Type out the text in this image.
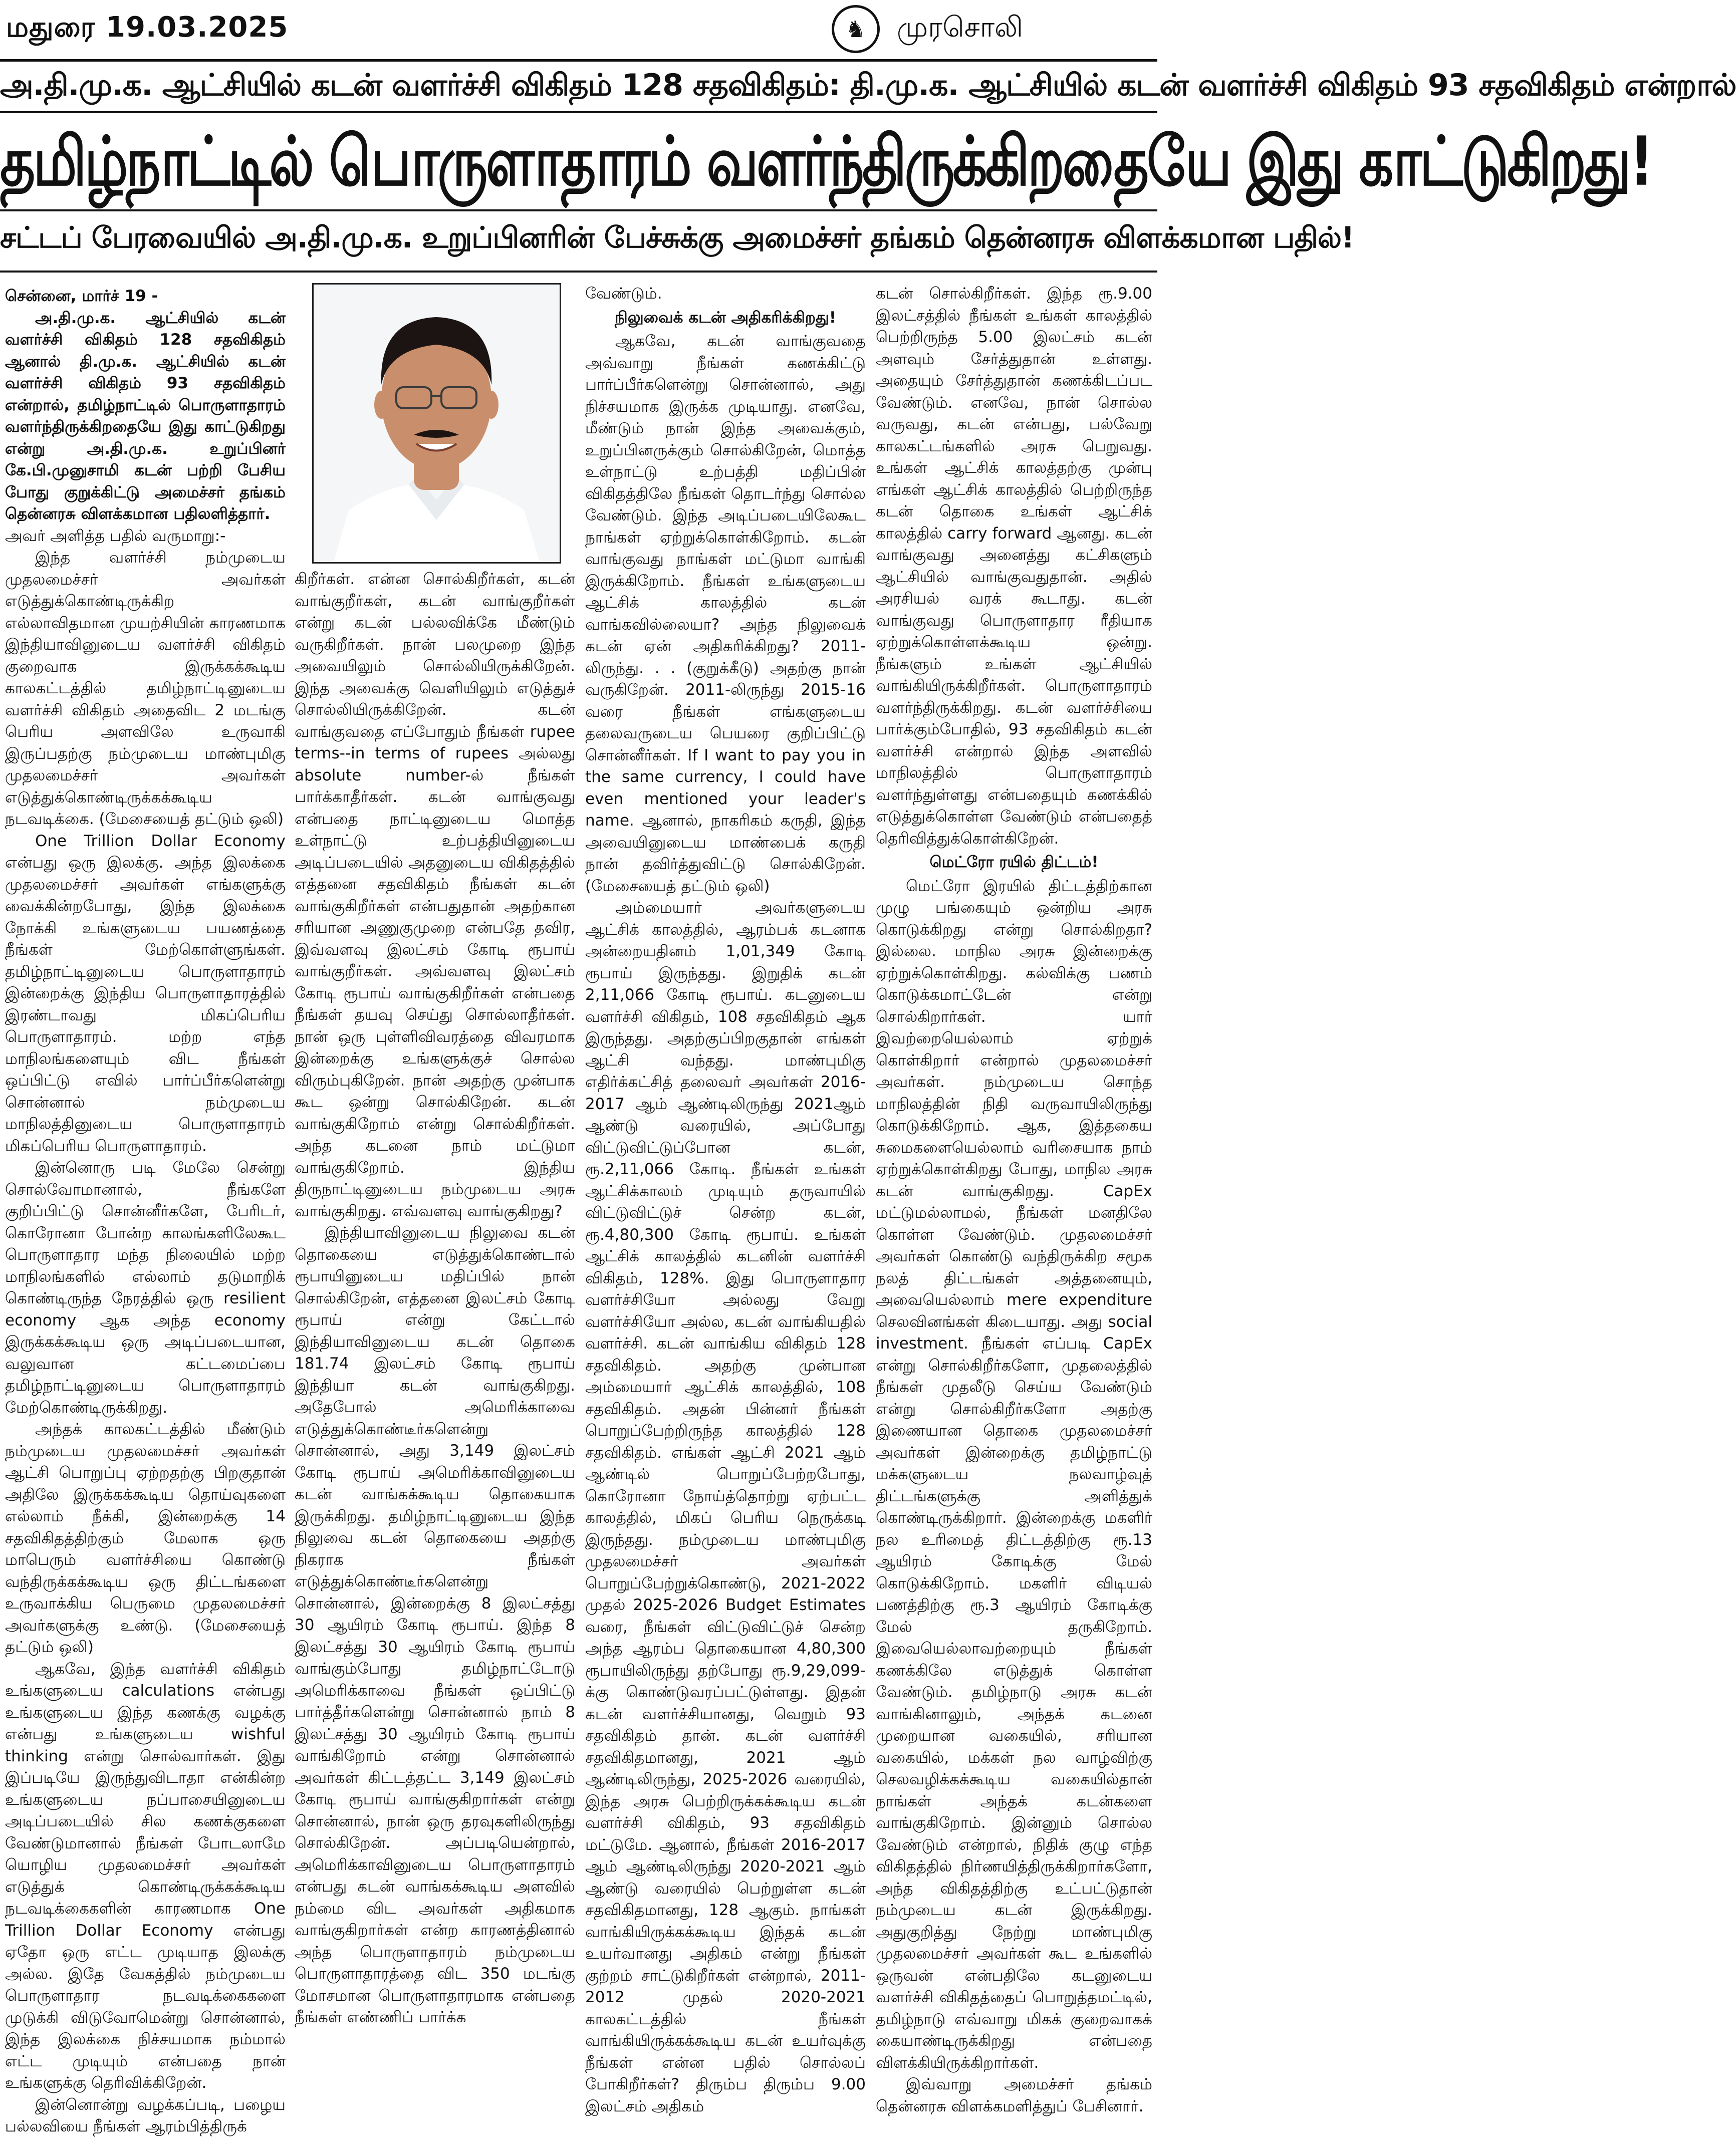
மதுரை 19.03.2025	♞ முரசொலி
அ.தி.மு.க. ஆட்சியில் கடன் வளர்ச்சி விகிதம் 128 சதவிகிதம்: தி.மு.க. ஆட்சியில் கடன் வளர்ச்சி விகிதம் 93 சதவிகிதம் என்றால்
தமிழ்நாட்டில் பொருளாதாரம் வளர்ந்திருக்கிறதையே இது காட்டுகிறது!
சட்டப் பேரவையில் அ.தி.மு.க. உறுப்பினரின் பேச்சுக்கு அமைச்சர் தங்கம் தென்னரசு விளக்கமான பதில்!

சென்னை, மார்ச் 19 -

அ.தி.மு.க. ஆட்சியில் கடன் வளர்ச்சி விகிதம் 128 சதவிகிதம் ஆனால் தி.மு.க. ஆட்சியில் கடன் வளர்ச்சி விகிதம் 93 சதவிகிதம் என்றால், தமிழ்நாட்டில் பொருளாதாரம் வளர்ந்திருக்கிறதையே இது காட்டுகிறது என்று அ.தி.மு.க. உறுப்பினர் கே.பி.முனுசாமி கடன் பற்றி பேசிய போது குறுக்கிட்டு அமைச்சர் தங்கம் தென்னரசு விளக்கமான பதிலளித்தார்.

அவர் அளித்த பதில் வருமாறு:-

இந்த வளர்ச்சி நம்முடைய முதலமைச்சர் அவர்கள் எடுத்துக்கொண்டிருக்கிற எல்லாவிதமான முயற்சியின் காரணமாக இந்தியாவினுடைய வளர்ச்சி விகிதம் குறைவாக இருக்கக்கூடிய காலகட்டத்தில் தமிழ்நாட்டினுடைய வளர்ச்சி விகிதம் அதைவிட 2 மடங்கு பெரிய அளவிலே உருவாகி இருப்பதற்கு நம்முடைய மாண்புமிகு முதலமைச்சர் அவர்கள் எடுத்துக்கொண்டிருக்கக்கூடிய நடவடிக்கை. (மேசையைத் தட்டும் ஒலி)

One Trillion Dollar Economy என்பது ஒரு இலக்கு. அந்த இலக்கை முதலமைச்சர் அவர்கள் எங்களுக்கு வைக்கின்றபோது, இந்த இலக்கை நோக்கி உங்களுடைய பயணத்தை நீங்கள் மேற்கொள்ளுங்கள். தமிழ்நாட்டினுடைய பொருளாதாரம் இன்றைக்கு இந்திய பொருளாதாரத்தில் இரண்டாவது மிகப்பெரிய பொருளாதாரம். மற்ற எந்த மாநிலங்களையும் விட நீங்கள் ஒப்பிட்டு எவில் பார்ப்பீர்களென்று சொன்னால் நம்முடைய மாநிலத்தினுடைய பொருளாதாரம் மிகப்பெரிய பொருளாதாரம்.

இன்னொரு படி மேலே சென்று சொல்வோமானால், நீங்களே குறிப்பிட்டு சொன்னீர்களே, பேரிடர், கொரோனா போன்ற காலங்களிலேகூட பொருளாதார மந்த நிலையில் மற்ற மாநிலங்களில் எல்லாம் தடுமாறிக் கொண்டிருந்த நேரத்தில் ஒரு resilient economy ஆக அந்த economy இருக்கக்கூடிய ஒரு அடிப்படையான, வலுவான கட்டமைப்பை தமிழ்நாட்டினுடைய பொருளாதாரம் மேற்கொண்டிருக்கிறது.

அந்தக் காலகட்டத்தில் மீண்டும் நம்முடைய முதலமைச்சர் அவர்கள் ஆட்சி பொறுப்பு ஏற்றதற்கு பிறகுதான் அதிலே இருக்கக்கூடிய தொய்வுகளை எல்லாம் நீக்கி, இன்றைக்கு 14 சதவிகிதத்திற்கும் மேலாக ஒரு மாபெரும் வளர்ச்சியை கொண்டு வந்திருக்கக்கூடிய ஒரு திட்டங்களை உருவாக்கிய பெருமை முதலமைச்சர் அவர்களுக்கு உண்டு. (மேசையைத் தட்டும் ஒலி)

ஆகவே, இந்த வளர்ச்சி விகிதம் உங்களுடைய calculations என்பது உங்களுடைய இந்த கணக்கு வழக்கு என்பது உங்களுடைய wishful thinking என்று சொல்வார்கள். இது இப்படியே இருந்துவிடாதா என்கின்ற உங்களுடைய நப்பாசையினுடைய அடிப்படையில் சில கணக்குகளை வேண்டுமானால் நீங்கள் போடலாமே யொழிய முதலமைச்சர் அவர்கள் எடுத்துக் கொண்டிருக்கக்கூடிய நடவடிக்கைகளின் காரணமாக One Trillion Dollar Economy என்பது ஏதோ ஒரு எட்ட முடியாத இலக்கு அல்ல. இதே வேகத்தில் நம்முடைய பொருளாதார நடவடிக்கைகளை முடுக்கி விடுவோமென்று சொன்னால், இந்த இலக்கை நிச்சயமாக நம்மால் எட்ட முடியும் என்பதை நான் உங்களுக்கு தெரிவிக்கிறேன்.

இன்னொன்று வழக்கப்படி, பழைய பல்லவியை நீங்கள் ஆரம்பித்திருக்

கிறீர்கள். என்ன சொல்கிறீர்கள், கடன் வாங்குறீர்கள், கடன் வாங்குறீர்கள் என்று கடன் பல்லவிக்கே மீண்டும் வருகிறீர்கள். நான் பலமுறை இந்த அவையிலும் சொல்லியிருக்கிறேன். இந்த அவைக்கு வெளியிலும் எடுத்துச் சொல்லியிருக்கிறேன். கடன் வாங்குவதை எப்போதும் நீங்கள் rupee terms--in terms of rupees அல்லது absolute number-ல் நீங்கள் பார்க்காதீர்கள். கடன் வாங்குவது என்பதை நாட்டினுடைய மொத்த உள்நாட்டு உற்பத்தியினுடைய அடிப்படையில் அதனுடைய விகிதத்தில் எத்தனை சதவிகிதம் நீங்கள் கடன் வாங்குகிறீர்கள் என்பதுதான் அதற்கான சரியான அணுகுமுறை என்பதே தவிர, இவ்வளவு இலட்சம் கோடி ரூபாய் வாங்குறீர்கள். அவ்வளவு இலட்சம் கோடி ரூபாய் வாங்குகிறீர்கள் என்பதை நீங்கள் தயவு செய்து சொல்லாதீர்கள். நான் ஒரு புள்ளிவிவரத்தை விவரமாக இன்றைக்கு உங்களுக்குச் சொல்ல விரும்புகிறேன். நான் அதற்கு முன்பாக கூட ஒன்று சொல்கிறேன். கடன் வாங்குகிறோம் என்று சொல்கிறீர்கள். அந்த கடனை நாம் மட்டுமா வாங்குகிறோம். இந்திய திருநாட்டினுடைய நம்முடைய அரசு வாங்குகிறது. எவ்வளவு வாங்குகிறது?

இந்தியாவினுடைய நிலுவை கடன் தொகையை எடுத்துக்கொண்டால் ரூபாயினுடைய மதிப்பில் நான் சொல்கிறேன், எத்தனை இலட்சம் கோடி ரூபாய் என்று கேட்டால் இந்தியாவினுடைய கடன் தொகை 181.74 இலட்சம் கோடி ரூபாய் இந்தியா கடன் வாங்குகிறது. அதேபோல் அமெரிக்காவை எடுத்துக்கொண்டீர்களென்று சொன்னால், அது 3,149 இலட்சம் கோடி ரூபாய் அமெரிக்காவினுடைய கடன் வாங்கக்கூடிய தொகையாக இருக்கிறது. தமிழ்நாட்டினுடைய இந்த நிலுவை கடன் தொகையை அதற்கு நிகராக நீங்கள் எடுத்துக்கொண்டீர்களென்று சொன்னால், இன்றைக்கு 8 இலட்சத்து 30 ஆயிரம் கோடி ரூபாய். இந்த 8 இலட்சத்து 30 ஆயிரம் கோடி ரூபாய் வாங்கும்போது தமிழ்நாட்டோடு அமெரிக்காவை நீங்கள் ஒப்பிட்டு பார்த்தீர்களென்று சொன்னால் நாம் 8 இலட்சத்து 30 ஆயிரம் கோடி ரூபாய் வாங்கிறோம் என்று சொன்னால் அவர்கள் கிட்டத்தட்ட 3,149 இலட்சம் கோடி ரூபாய் வாங்குகிறார்கள் என்று சொன்னால், நான் ஒரு தரவுகளிலிருந்து சொல்கிறேன். அப்படியென்றால், அமெரிக்காவினுடைய பொருளாதாரம் என்பது கடன் வாங்கக்கூடிய அளவில் நம்மை விட அவர்கள் அதிகமாக வாங்குகிறார்கள் என்ற காரணத்தினால் அந்த பொருளாதாரம் நம்முடைய பொருளாதாரத்தை விட 350 மடங்கு மோசமான பொருளாதாரமாக என்பதை நீங்கள் எண்ணிப் பார்க்க

வேண்டும்.

நிலுவைக் கடன் அதிகரிக்கிறது!

ஆகவே, கடன் வாங்குவதை அவ்வாறு நீங்கள் கணக்கிட்டு பார்ப்பீர்களென்று சொன்னால், அது நிச்சயமாக இருக்க முடியாது. எனவே, மீண்டும் நான் இந்த அவைக்கும், உறுப்பினருக்கும் சொல்கிறேன், மொத்த உள்நாட்டு உற்பத்தி மதிப்பின் விகிதத்திலே நீங்கள் தொடர்ந்து சொல்ல வேண்டும். இந்த அடிப்படையிலேகூட நாங்கள் ஏற்றுக்கொள்கிறோம். கடன் வாங்குவது நாங்கள் மட்டுமா வாங்கி இருக்கிறோம். நீங்கள் உங்களுடைய ஆட்சிக் காலத்தில் கடன் வாங்கவில்லையா? அந்த நிலுவைக் கடன் ஏன் அதிகரிக்கிறது? 2011-லிருந்து. . . (குறுக்கீடு) அதற்கு நான் வருகிறேன். 2011-லிருந்து 2015-16 வரை நீங்கள் எங்களுடைய தலைவருடைய பெயரை குறிப்பிட்டு சொன்னீர்கள். If I want to pay you in the same currency, I could have even mentioned your leader's name. ஆனால், நாகரிகம் கருதி, இந்த அவையினுடைய மாண்பைக் கருதி நான் தவிர்த்துவிட்டு சொல்கிறேன். (மேசையைத் தட்டும் ஒலி)

அம்மையார் அவர்களுடைய ஆட்சிக் காலத்தில், ஆரம்பக் கடனாக அன்றையதினம் 1,01,349 கோடி ரூபாய் இருந்தது. இறுதிக் கடன் 2,11,066 கோடி ரூபாய். கடனுடைய வளர்ச்சி விகிதம், 108 சதவிகிதம் ஆக இருந்தது. அதற்குப்பிறகுதான் எங்கள் ஆட்சி வந்தது. மாண்புமிகு எதிர்க்கட்சித் தலைவர் அவர்கள் 2016-2017 ஆம் ஆண்டிலிருந்து 2021ஆம் ஆண்டு வரையில், அப்போது விட்டுவிட்டுப்போன கடன், ரூ.2,11,066 கோடி. நீங்கள் உங்கள் ஆட்சிக்காலம் முடியும் தருவாயில் விட்டுவிட்டுச் சென்ற கடன், ரூ.4,80,300 கோடி ரூபாய். உங்கள் ஆட்சிக் காலத்தில் கடனின் வளர்ச்சி விகிதம், 128%. இது பொருளாதார வளர்ச்சியோ அல்லது வேறு வளர்ச்சியோ அல்ல, கடன் வாங்கியதில் வளர்ச்சி. கடன் வாங்கிய விகிதம் 128 சதவிகிதம். அதற்கு முன்பான அம்மையார் ஆட்சிக் காலத்தில், 108 சதவிகிதம். அதன் பின்னர் நீங்கள் பொறுப்பேற்றிருந்த காலத்தில் 128 சதவிகிதம். எங்கள் ஆட்சி 2021 ஆம் ஆண்டில் பொறுப்பேற்றபோது, கொரோனா நோய்த்தொற்று ஏற்பட்ட காலத்தில், மிகப் பெரிய நெருக்கடி இருந்தது. நம்முடைய மாண்புமிகு முதலமைச்சர் அவர்கள் பொறுப்பேற்றுக்கொண்டு, 2021-2022 முதல் 2025-2026 Budget Estimates வரை, நீங்கள் விட்டுவிட்டுச் சென்ற அந்த ஆரம்ப தொகையான 4,80,300 ரூபாயிலிருந்து தற்போது ரூ.9,29,099-க்கு கொண்டுவரப்பட்டுள்ளது. இதன் கடன் வளர்ச்சியானது, வெறும் 93 சதவிகிதம் தான். கடன் வளர்ச்சி சதவிகிதமானது, 2021 ஆம் ஆண்டிலிருந்து, 2025-2026 வரையில், இந்த அரசு பெற்றிருக்கக்கூடிய கடன் வளர்ச்சி விகிதம், 93 சதவிகிதம் மட்டுமே. ஆனால், நீங்கள் 2016-2017 ஆம் ஆண்டிலிருந்து 2020-2021 ஆம் ஆண்டு வரையில் பெற்றுள்ள கடன் சதவிகிதமானது, 128 ஆகும். நாங்கள் வாங்கியிருக்கக்கூடிய இந்தக் கடன் உயர்வானது அதிகம் என்று நீங்கள் குற்றம் சாட்டுகிறீர்கள் என்றால், 2011-2012 முதல் 2020-2021 காலகட்டத்தில் நீங்கள் வாங்கியிருக்கக்கூடிய கடன் உயர்வுக்கு நீங்கள் என்ன பதில் சொல்லப் போகிறீர்கள்? திரும்ப திரும்ப 9.00 இலட்சம் அதிகம்

கடன் சொல்கிறீர்கள். இந்த ரூ.9.00 இலட்சத்தில் நீங்கள் உங்கள் காலத்தில் பெற்றிருந்த 5.00 இலட்சம் கடன் அளவும் சேர்த்துதான் உள்ளது. அதையும் சேர்த்துதான் கணக்கிடப்பட வேண்டும். எனவே, நான் சொல்ல வருவது, கடன் என்பது, பல்வேறு காலகட்டங்களில் அரசு பெறுவது. உங்கள் ஆட்சிக் காலத்தற்கு முன்பு எங்கள் ஆட்சிக் காலத்தில் பெற்றிருந்த கடன் தொகை உங்கள் ஆட்சிக் காலத்தில் carry forward ஆனது. கடன் வாங்குவது அனைத்து கட்சிகளும் ஆட்சியில் வாங்குவதுதான். அதில் அரசியல் வரக் கூடாது. கடன் வாங்குவது பொருளாதார ரீதியாக ஏற்றுக்கொள்ளக்கூடிய ஒன்று. நீங்களும் உங்கள் ஆட்சியில் வாங்கியிருக்கிறீர்கள். பொருளாதாரம் வளர்ந்திருக்கிறது. கடன் வளர்ச்சியை பார்க்கும்போதில், 93 சதவிகிதம் கடன் வளர்ச்சி என்றால் இந்த அளவில் மாநிலத்தில் பொருளாதாரம் வளர்ந்துள்ளது என்பதையும் கணக்கில் எடுத்துக்கொள்ள வேண்டும் என்பதைத் தெரிவித்துக்கொள்கிறேன்.

மெட்ரோ ரயில் திட்டம்!

மெட்ரோ இரயில் திட்டத்திற்கான முழு பங்கையும் ஒன்றிய அரசு கொடுக்கிறது என்று சொல்கிறதா? இல்லை. மாநில அரசு இன்றைக்கு ஏற்றுக்கொள்கிறது. கல்விக்கு பணம் கொடுக்கமாட்டேன் என்று சொல்கிறார்கள். யார் இவற்றையெல்லாம் ஏற்றுக் கொள்கிறார் என்றால் முதலமைச்சர் அவர்கள். நம்முடைய சொந்த மாநிலத்தின் நிதி வருவாயிலிருந்து கொடுக்கிறோம். ஆக, இத்தகைய சுமைகளையெல்லாம் வரிசையாக நாம் ஏற்றுக்கொள்கிறது போது, மாநில அரசு கடன் வாங்குகிறது. CapEx மட்டுமல்லாமல், நீங்கள் மனதிலே கொள்ள வேண்டும். முதலமைச்சர் அவர்கள் கொண்டு வந்திருக்கிற சமூக நலத் திட்டங்கள் அத்தனையும், அவையெல்லாம் mere expenditure செலவினங்கள் கிடையாது. அது social investment. நீங்கள் எப்படி CapEx என்று சொல்கிறீர்களோ, முதலைத்தில் நீங்கள் முதலீடு செய்ய வேண்டும் என்று சொல்கிறீர்களோ அதற்கு இணையான தொகை முதலமைச்சர் அவர்கள் இன்றைக்கு தமிழ்நாட்டு மக்களுடைய நலவாழ்வுத் திட்டங்களுக்கு அளித்துக் கொண்டிருக்கிறார். இன்றைக்கு மகளிர் நல உரிமைத் திட்டத்திற்கு ரூ.13 ஆயிரம் கோடிக்கு மேல் கொடுக்கிறோம். மகளிர் விடியல் பணத்திற்கு ரூ.3 ஆயிரம் கோடிக்கு மேல் தருகிறோம். இவையெல்லாவற்றையும் நீங்கள் கணக்கிலே எடுத்துக் கொள்ள வேண்டும். தமிழ்நாடு அரசு கடன் வாங்கினாலும், அந்தக் கடனை முறையான வகையில், சரியான வகையில், மக்கள் நல வாழ்விற்கு செலவழிக்கக்கூடிய வகையில்தான் நாங்கள் அந்தக் கடன்களை வாங்குகிறோம். இன்னும் சொல்ல வேண்டும் என்றால், நிதிக் குழு எந்த விகிதத்தில் நிர்ணயித்திருக்கிறார்களோ, அந்த விகிதத்திற்கு உட்பட்டுதான் நம்முடைய கடன் இருக்கிறது. அதுகுறித்து நேற்று மாண்புமிகு முதலமைச்சர் அவர்கள் கூட உங்களில் ஒருவன் என்பதிலே கடனுடைய வளர்ச்சி விகிதத்தைப் பொறுத்தமட்டில், தமிழ்நாடு எவ்வாறு மிகக் குறைவாகக் கையாண்டிருக்கிறது என்பதை விளக்கியிருக்கிறார்கள்.

இவ்வாறு அமைச்சர் தங்கம் தென்னரசு விளக்கமளித்துப் பேசினார்.
